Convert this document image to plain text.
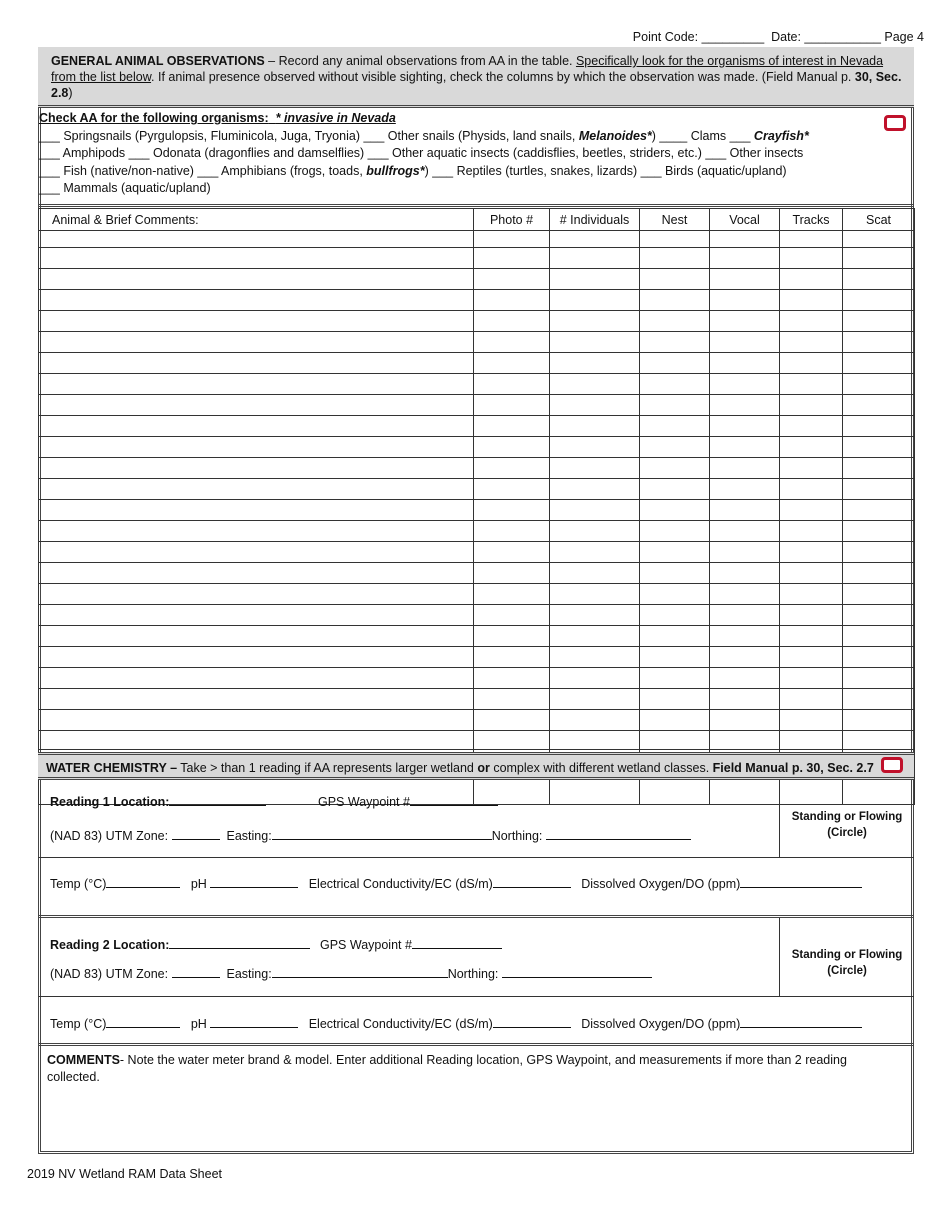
Point Code: _________  Date: ___________ Page 4
GENERAL ANIMAL OBSERVATIONS – Record any animal observations from AA in the table. Specifically look for the organisms of interest in Nevada from the list below. If animal presence observed without visible sighting, check the columns by which the observation was made. (Field Manual p. 30, Sec. 2.8)
Check AA for the following organisms: * invasive in Nevada
___ Springsnails (Pyrgulopsis, Fluminicola, Juga, Tryonia) ___ Other snails (Physids, land snails, Melanoides*) ____ Clams ___ Crayfish*
___ Amphipods ___ Odonata (dragonflies and damselflies) ___ Other aquatic insects (caddisflies, beetles, striders, etc.) ___ Other insects
___ Fish (native/non-native) ___ Amphibians (frogs, toads, bullfrogs*) ___ Reptiles (turtles, snakes, lizards) ___ Birds (aquatic/upland)
___ Mammals (aquatic/upland)
Animal & Brief Comments:	Photo #	# Individuals	Nest	Vocal	Tracks	Scat

WATER CHEMISTRY – Take > than 1 reading if AA represents larger wetland or complex with different wetland classes. Field Manual p. 30, Sec. 2.7
Reading 1 Location:	GPS Waypoint #
(NAD 83) UTM Zone:	Easting:	Northing:
Standing or Flowing
(Circle)
Temp (°C)	pH	Electrical Conductivity/EC (dS/m)	Dissolved Oxygen/DO (ppm)
Reading 2 Location:	GPS Waypoint #
(NAD 83) UTM Zone:	Easting:	Northing:
Standing or Flowing
(Circle)
Temp (°C)	pH	Electrical Conductivity/EC (dS/m)	Dissolved Oxygen/DO (ppm)
COMMENTS- Note the water meter brand & model. Enter additional Reading location, GPS Waypoint, and measurements if more than 2 reading collected.
2019 NV Wetland RAM Data Sheet
